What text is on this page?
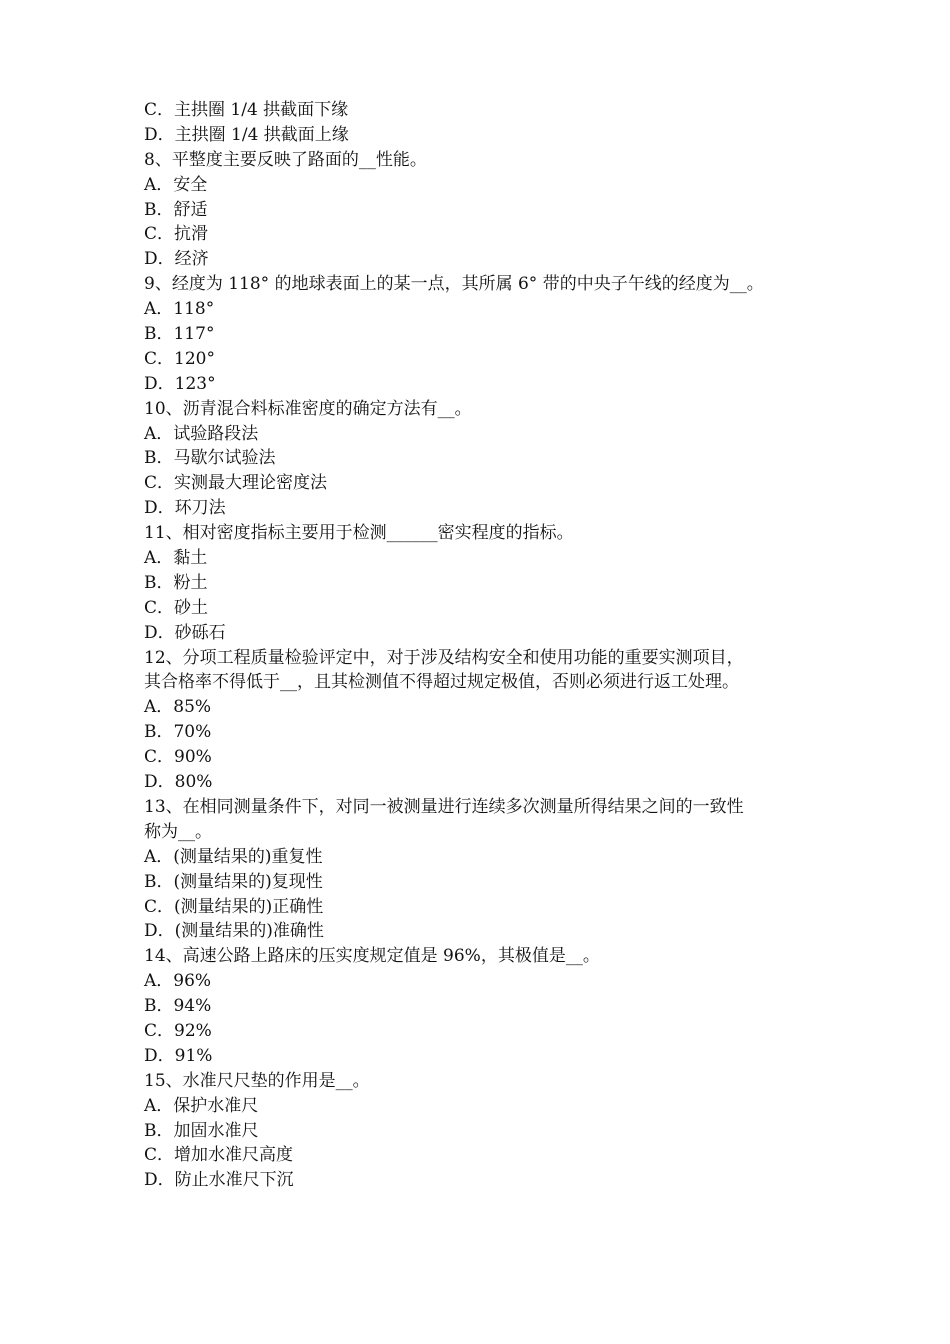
C．主拱圈 1/4 拱截面下缘
D．主拱圈 1/4 拱截面上缘
8、平整度主要反映了路面的__性能。
A．安全
B．舒适
C．抗滑
D．经济
9、经度为 118° 的地球表面上的某一点，其所属 6° 带的中央子午线的经度为__。
A．118°
B．117°
C．120°
D．123°
10、沥青混合料标准密度的确定方法有__。
A．试验路段法
B．马歇尔试验法
C．实测最大理论密度法
D．环刀法
11、相对密度指标主要用于检测______密实程度的指标。
A．黏土
B．粉土
C．砂土
D．砂砾石
12、分项工程质量检验评定中，对于涉及结构安全和使用功能的重要实测项目，
其合格率不得低于__，且其检测值不得超过规定极值，否则必须进行返工处理。
A．85%
B．70%
C．90%
D．80%
13、在相同测量条件下，对同一被测量进行连续多次测量所得结果之间的一致性
称为__。
A．(测量结果的)重复性
B．(测量结果的)复现性
C．(测量结果的)正确性
D．(测量结果的)准确性
14、高速公路上路床的压实度规定值是 96%，其极值是__。
A．96%
B．94%
C．92%
D．91%
15、水准尺尺垫的作用是__。
A．保护水准尺
B．加固水准尺
C．增加水准尺高度
D．防止水准尺下沉
